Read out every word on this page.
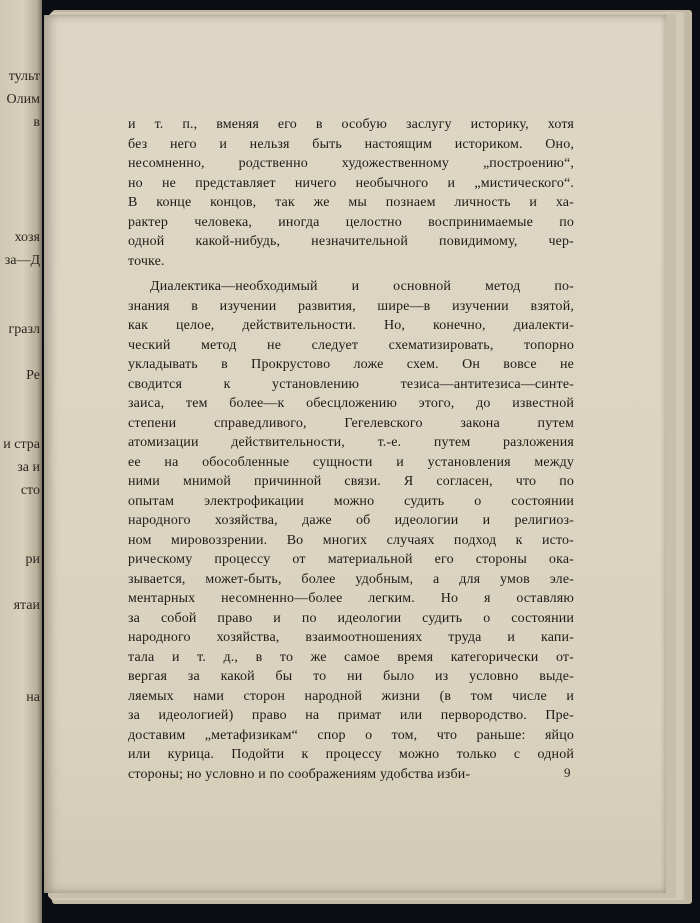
тульт
Олим
в
хозя
за—Д
гразл
Ре
и стра
за и
сто
ри
ятаи
на
и т. п., вменяя его в особую заслугу историку, хотя
без него и нельзя быть настоящим историком. Оно,
несомненно, родственно художественному „построению“,
но не представляет ничего необычного и „мистического“.
В конце концов, так же мы познаем личность и ха-
рактер человека, иногда целостно воспринимаемые по
одной какой-нибудь, незначительной повидимому, чер-
точке.
Диалектика—необходимый и основной метод по-
знания в изучении развития, шире—в изучении взятой,
как целое, действительности. Но, конечно, диалекти-
ческий метод не следует схематизировать, топорно
укладывать в Прокрустово ложе схем. Он вовсе не
сводится к установлению тезиса—антитезиса—синте-
заиса, тем более—к обесцложению этого, до известной
степени справедливого, Гегелевского закона путем
атомизации действительности, т.-е. путем разложения
ее на обособленные сущности и установления между
ними мнимой причинной связи. Я согласен, что по
опытам электрофикации можно судить о состоянии
народного хозяйства, даже об идеологии и религиоз-
ном мировоззрении. Во многих случаях подход к исто-
рическому процессу от материальной его стороны ока-
зывается, может-быть, более удобным, а для умов эле-
ментарных несомненно—более легким. Но я оставляю
за собой право и по идеологии судить о состоянии
народного хозяйства, взаимоотношениях труда и капи-
тала и т. д., в то же самое время категорически от-
вергая за какой бы то ни было из условно выде-
ляемых нами сторон народной жизни (в том числе и
за идеологией) право на примат или первородство. Пре-
доставим „метафизикам“ спор о том, что раньше: яйцо
или курица. Подойти к процессу можно только с одной
стороны; но условно и по соображениям удобства изби-	9
